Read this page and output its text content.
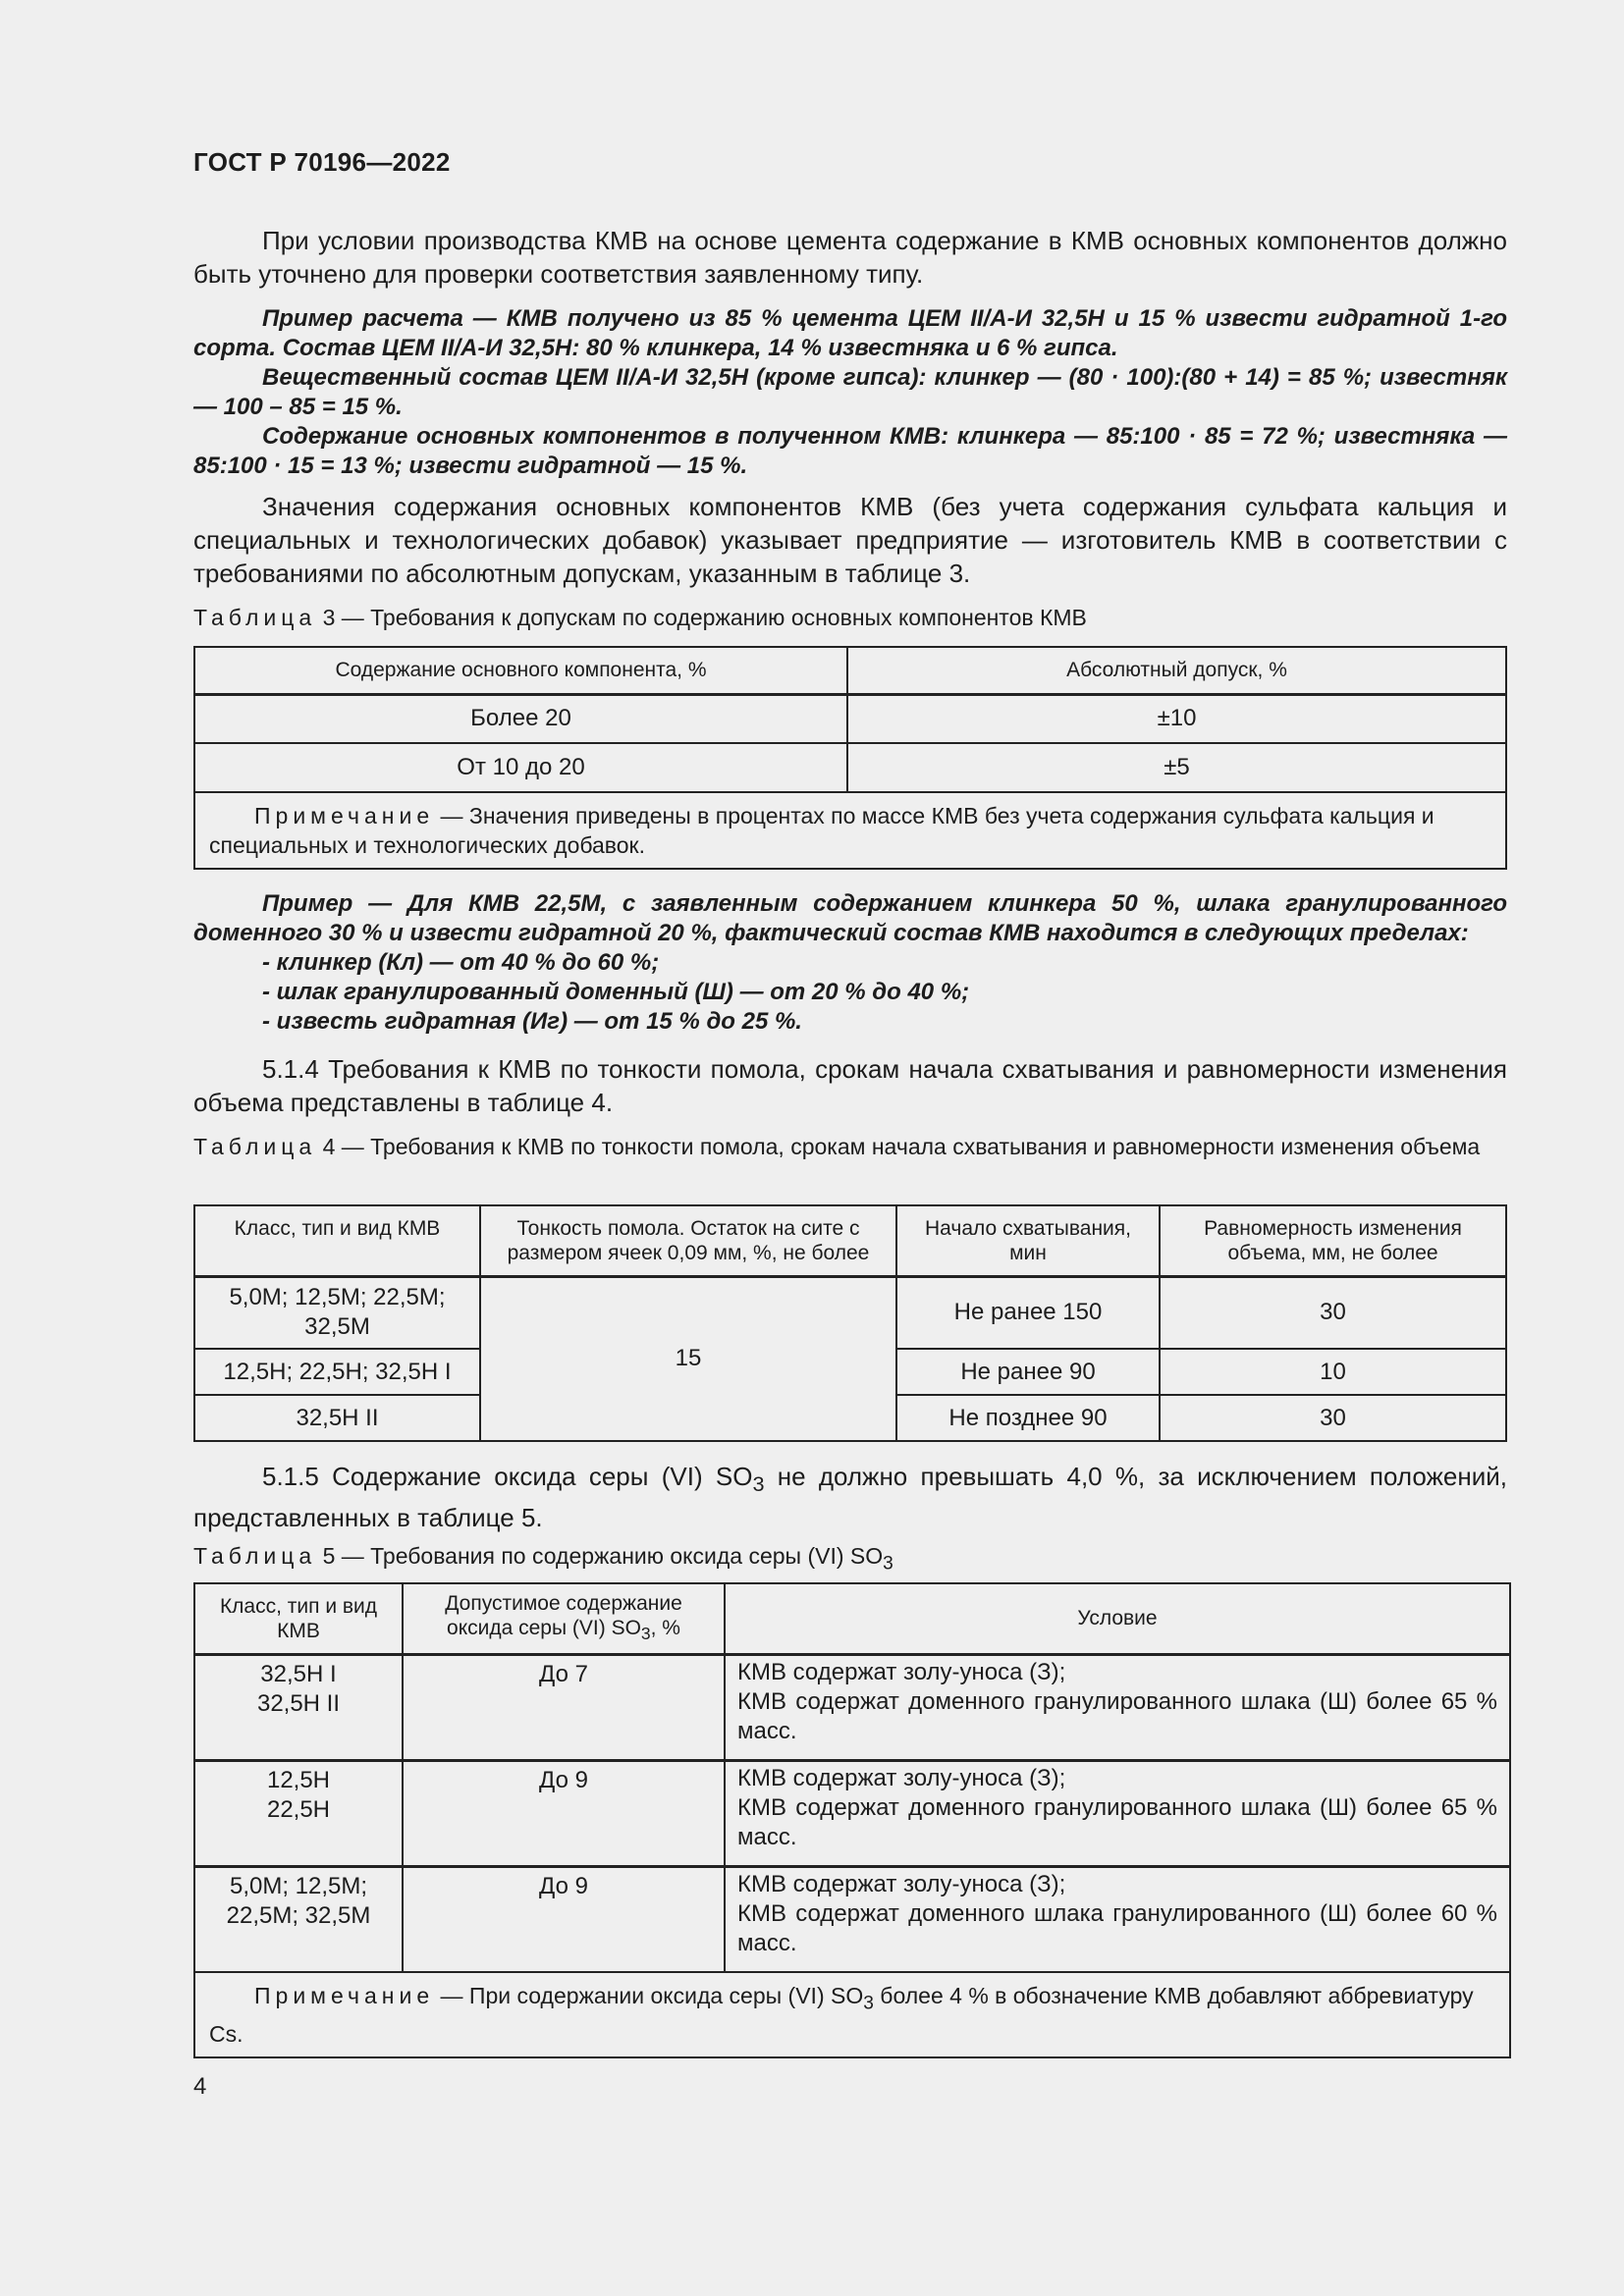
ГОСТ Р 70196—2022

При условии производства КМВ на основе цемента содержание в КМВ основных компонентов должно быть уточнено для проверки соответствия заявленному типу.

Пример расчета — КМВ получено из 85 % цемента ЦЕМ II/А-И 32,5Н и 15 % извести гидратной 1-го сорта. Состав ЦЕМ II/А-И 32,5Н: 80 % клинкера, 14 % известняка и 6 % гипса.

Вещественный состав ЦЕМ II/А-И 32,5Н (кроме гипса): клинкер — (80 · 100):(80 + 14) = 85 %; известняк — 100 – 85 = 15 %.

Содержание основных компонентов в полученном КМВ: клинкера — 85:100 · 85 = 72 %; известняка — 85:100 · 15 = 13 %; извести гидратной — 15 %.

Значения содержания основных компонентов КМВ (без учета содержания сульфата кальция и специальных и технологических добавок) указывает предприятие — изготовитель КМВ в соответствии с требованиями по абсолютным допускам, указанным в таблице 3.

Таблица 3 — Требования к допускам по содержанию основных компонентов КМВ

Содержание основного компонента, %	Абсолютный допуск, %
Более 20	±10
От 10 до 20	±5
Примечание — Значения приведены в процентах по массе КМВ без учета содержания сульфата кальция и специальных и технологических добавок.	

Пример — Для КМВ 22,5М, с заявленным содержанием клинкера 50 %, шлака гранулированного доменного 30 % и извести гидратной 20 %, фактический состав КМВ находится в следующих пределах:

- клинкер (Кл) — от 40 % до 60 %;

- шлак гранулированный доменный (Ш) — от 20 % до 40 %;

- известь гидратная (Иг) — от 15 % до 25 %.

5.1.4 Требования к КМВ по тонкости помола, срокам начала схватывания и равномерности изменения объема представлены в таблице 4.

Таблица 4 — Требования к КМВ по тонкости помола, срокам начала схватывания и равномерности изменения объема

Класс, тип и вид КМВ	Тонкость помола. Остаток на сите с размером ячеек 0,09 мм, %, не более	Начало схватывания, мин	Равномерность изменения объема, мм, не более
5,0М; 12,5М; 22,5М; 32,5М	15	Не ранее 150	30
12,5Н; 22,5Н; 32,5Н I		Не ранее 90	10
32,5Н II		Не позднее 90	30

5.1.5 Содержание оксида серы (VI) $SO_3$ не должно превышать 4,0 %, за исключением положений, представленных в таблице 5.

Таблица 5 — Требования по содержанию оксида серы (VI) $SO_3$

Класс, тип и вид КМВ	Допустимое содержание оксида серы (VI) $SO_3$, %	Условие
32,5Н I
32,5Н II	До 7	КМВ содержат золу-уноса (З);
КМВ содержат доменного гранулированного шлака (Ш) более 65 % масс.
12,5Н
22,5Н	До 9	КМВ содержат золу-уноса (З);
КМВ содержат доменного гранулированного шлака (Ш) более 65 % масс.
5,0М; 12,5М;
22,5М; 32,5М	До 9	КМВ содержат золу-уноса (З);
КМВ содержат доменного шлака гранулированного (Ш) более 60 % масс.
Примечание — При содержании оксида серы (VI) $SO_3$ более 4 % в обозначение КМВ добавляют аббревиатуру Cs.		
4
